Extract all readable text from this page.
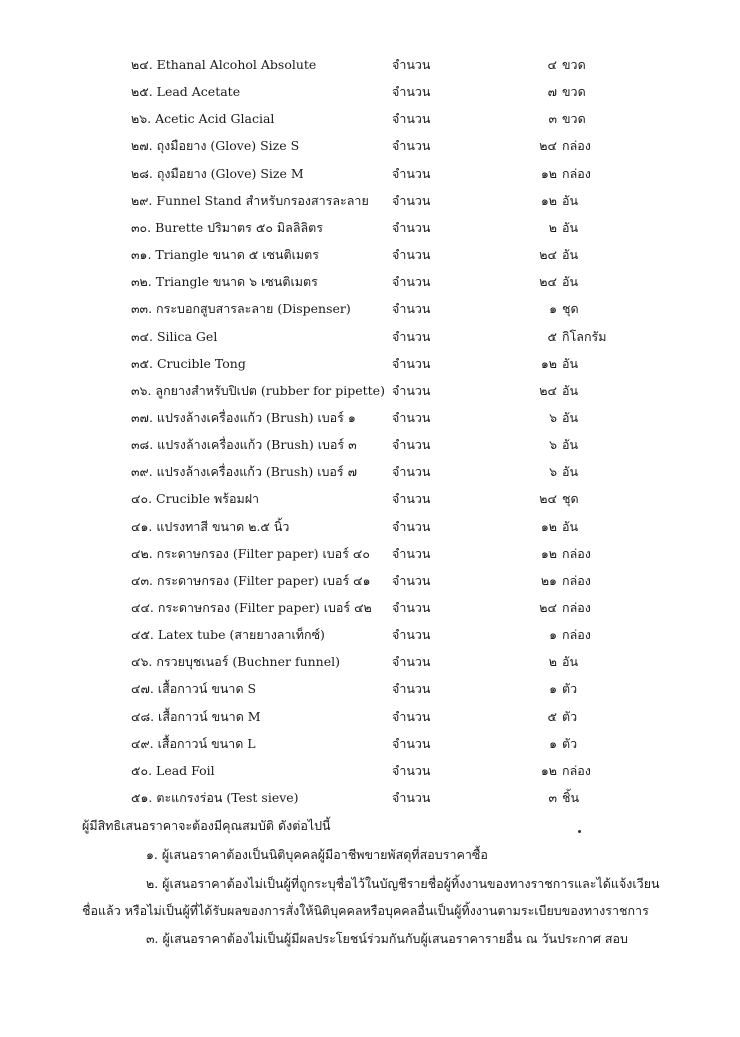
๒๔. Ethanal Alcohol Absolute	จำนวน	๔ ขวด
๒๕. Lead Acetate	จำนวน	๗ ขวด
๒๖. Acetic Acid Glacial	จำนวน	๓ ขวด
๒๗. ถุงมือยาง (Glove) Size S	จำนวน	๒๔ กล่อง
๒๘. ถุงมือยาง (Glove) Size M	จำนวน	๑๒ กล่อง
๒๙. Funnel Stand สำหรับกรองสารละลาย จำนวน	๑๒ อัน
๓๐. Burette ปริมาตร ๕๐ มิลลิลิตร	จำนวน	๒ อัน
๓๑. Triangle ขนาด ๕ เซนติเมตร	จำนวน	๒๔ อัน
๓๒. Triangle ขนาด ๖ เซนติเมตร	จำนวน	๒๔ อัน
๓๓. กระบอกสูบสารละลาย (Dispenser)	จำนวน	๑ ชุด
๓๔. Silica Gel	จำนวน	๕ กิโลกรัม
๓๕. Crucible Tong	จำนวน	๑๒ อัน
๓๖. ลูกยางสำหรับปิเปต (rubber for pipette) จำนวน	๒๔ อัน
๓๗. แปรงล้างเครื่องแก้ว (Brush) เบอร์ ๑	จำนวน	๖ อัน
๓๘. แปรงล้างเครื่องแก้ว (Brush) เบอร์ ๓	จำนวน	๖ อัน
๓๙. แปรงล้างเครื่องแก้ว (Brush) เบอร์ ๗	จำนวน	๖ อัน
๔๐. Crucible พร้อมฝา	จำนวน	๒๔ ชุด
๔๑. แปรงทาสี ขนาด ๒.๕ นิ้ว	จำนวน	๑๒ อัน
๔๒. กระดาษกรอง (Filter paper) เบอร์ ๔๐ จำนวน	๑๒ กล่อง
๔๓. กระดาษกรอง (Filter paper) เบอร์ ๔๑ จำนวน	๒๑ กล่อง
๔๔. กระดาษกรอง (Filter paper) เบอร์ ๔๒ จำนวน	๒๔ กล่อง
๔๕. Latex tube (สายยางลาเท็กซ์)	จำนวน	๑ กล่อง
๔๖. กรวยบุชเนอร์ (Buchner funnel)	จำนวน	๒ อัน
๔๗. เสื้อกาวน์ ขนาด S	จำนวน	๑ ตัว
๔๘. เสื้อกาวน์ ขนาด M	จำนวน	๕ ตัว
๔๙. เสื้อกาวน์ ขนาด L	จำนวน	๑ ตัว
๕๐. Lead Foil	จำนวน	๑๒ กล่อง
๕๑. ตะแกรงร่อน (Test sieve)	จำนวน	๓ ชิ้น
ผู้มีสิทธิเสนอราคาจะต้องมีคุณสมบัติ ดังต่อไปนี้
๑. ผู้เสนอราคาต้องเป็นนิติบุคคลผู้มีอาชีพขายพัสดุที่สอบราคาซื้อ
๒. ผู้เสนอราคาต้องไม่เป็นผู้ที่ถูกระบุชื่อไว้ในบัญชีรายชื่อผู้ทิ้งงานของทางราชการและได้แจ้งเวียน
ชื่อแล้ว หรือไม่เป็นผู้ที่ได้รับผลของการสั่งให้นิติบุคคลหรือบุคคลอื่นเป็นผู้ทิ้งงานตามระเบียบของทางราชการ
๓. ผู้เสนอราคาต้องไม่เป็นผู้มีผลประโยชน์ร่วมกันกับผู้เสนอราคารายอื่น ณ วันประกาศ สอบ
